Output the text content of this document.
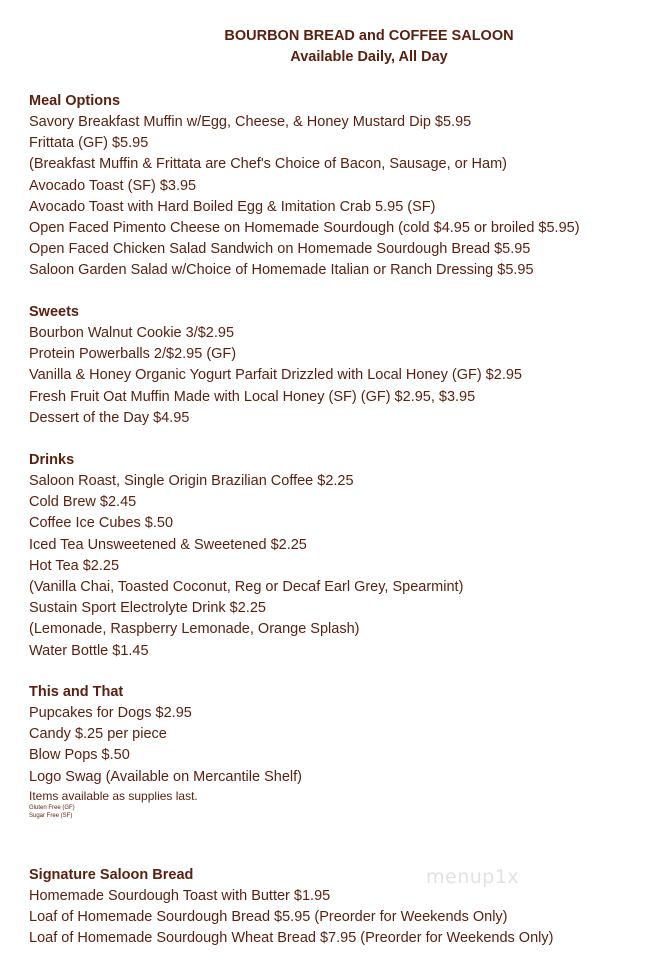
BOURBON BREAD and COFFEE SALOON
Available Daily, All Day
Meal Options
Savory Breakfast Muffin w/Egg, Cheese, & Honey Mustard Dip $5.95
Frittata (GF) $5.95
(Breakfast Muffin & Frittata are Chef's Choice of Bacon, Sausage, or Ham)
Avocado Toast (SF) $3.95
Avocado Toast with Hard Boiled Egg & Imitation Crab 5.95 (SF)
Open Faced Pimento Cheese on Homemade Sourdough (cold $4.95 or broiled $5.95)
Open Faced Chicken Salad Sandwich on Homemade Sourdough Bread $5.95
Saloon Garden Salad w/Choice of Homemade Italian or Ranch Dressing $5.95
Sweets
Bourbon Walnut Cookie 3/$2.95
Protein Powerballs 2/$2.95 (GF)
Vanilla & Honey Organic Yogurt Parfait Drizzled with Local Honey (GF) $2.95
Fresh Fruit Oat Muffin Made with Local Honey (SF) (GF) $2.95, $3.95
Dessert of the Day $4.95
Drinks
Saloon Roast, Single Origin Brazilian Coffee $2.25
Cold Brew $2.45
Coffee Ice Cubes $.50
Iced Tea Unsweetened & Sweetened $2.25
Hot Tea $2.25
(Vanilla Chai, Toasted Coconut, Reg or Decaf Earl Grey, Spearmint)
Sustain Sport Electrolyte Drink $2.25
(Lemonade, Raspberry Lemonade, Orange Splash)
Water Bottle $1.45
This and That
Pupcakes for Dogs $2.95
Candy $.25 per piece
Blow Pops $.50
Logo Swag (Available on Mercantile Shelf)
Items available as supplies last.
Gluten Free (GF)
Sugar Free (SF)
Signature Saloon Bread
Homemade Sourdough Toast with Butter $1.95
Loaf of Homemade Sourdough Bread $5.95 (Preorder for Weekends Only)
Loaf of Homemade Sourdough Wheat Bread $7.95 (Preorder for Weekends Only)
menup1x
